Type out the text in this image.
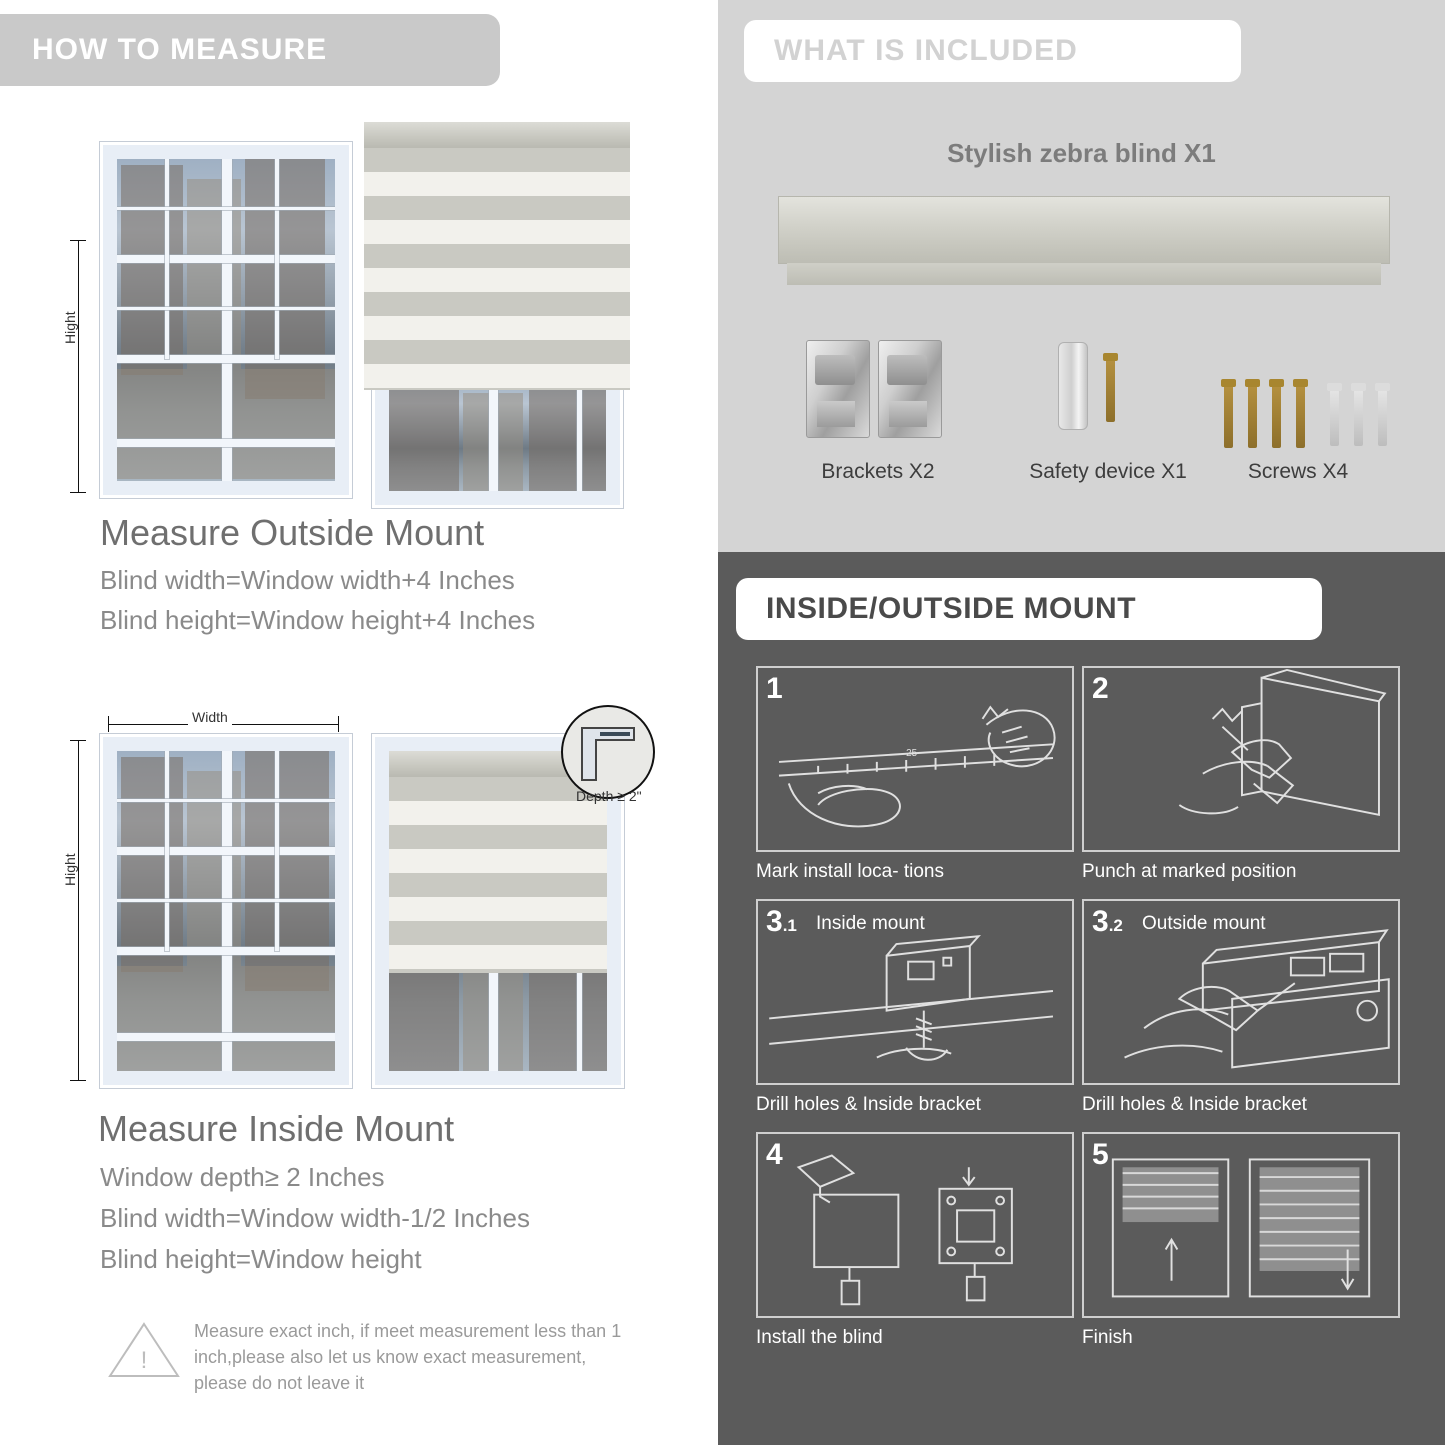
HOW TO MEASURE
Hight
Measure Outside Mount
Blind width=Window width+4 Inches
Blind height=Window height+4 Inches
Width
Hight
Depth ≥ 2"
Measure Inside Mount
Window depth≥ 2 Inches
Blind width=Window width-1/2 Inches
Blind height=Window height
!
Measure exact inch, if meet measurement less than 1 inch,please also let us know exact measurement, please do not leave it
WHAT IS INCLUDED
Stylish zebra blind X1
Brackets X2	Safety device X1	Screws X4
INSIDE/OUTSIDE MOUNT
1
25
Mark install loca- tions
2
Punch at marked position
3.1 Inside mount
Drill holes & Inside bracket
3.2 Outside mount
Drill holes & Inside bracket
4
Install the blind
5
Finish
